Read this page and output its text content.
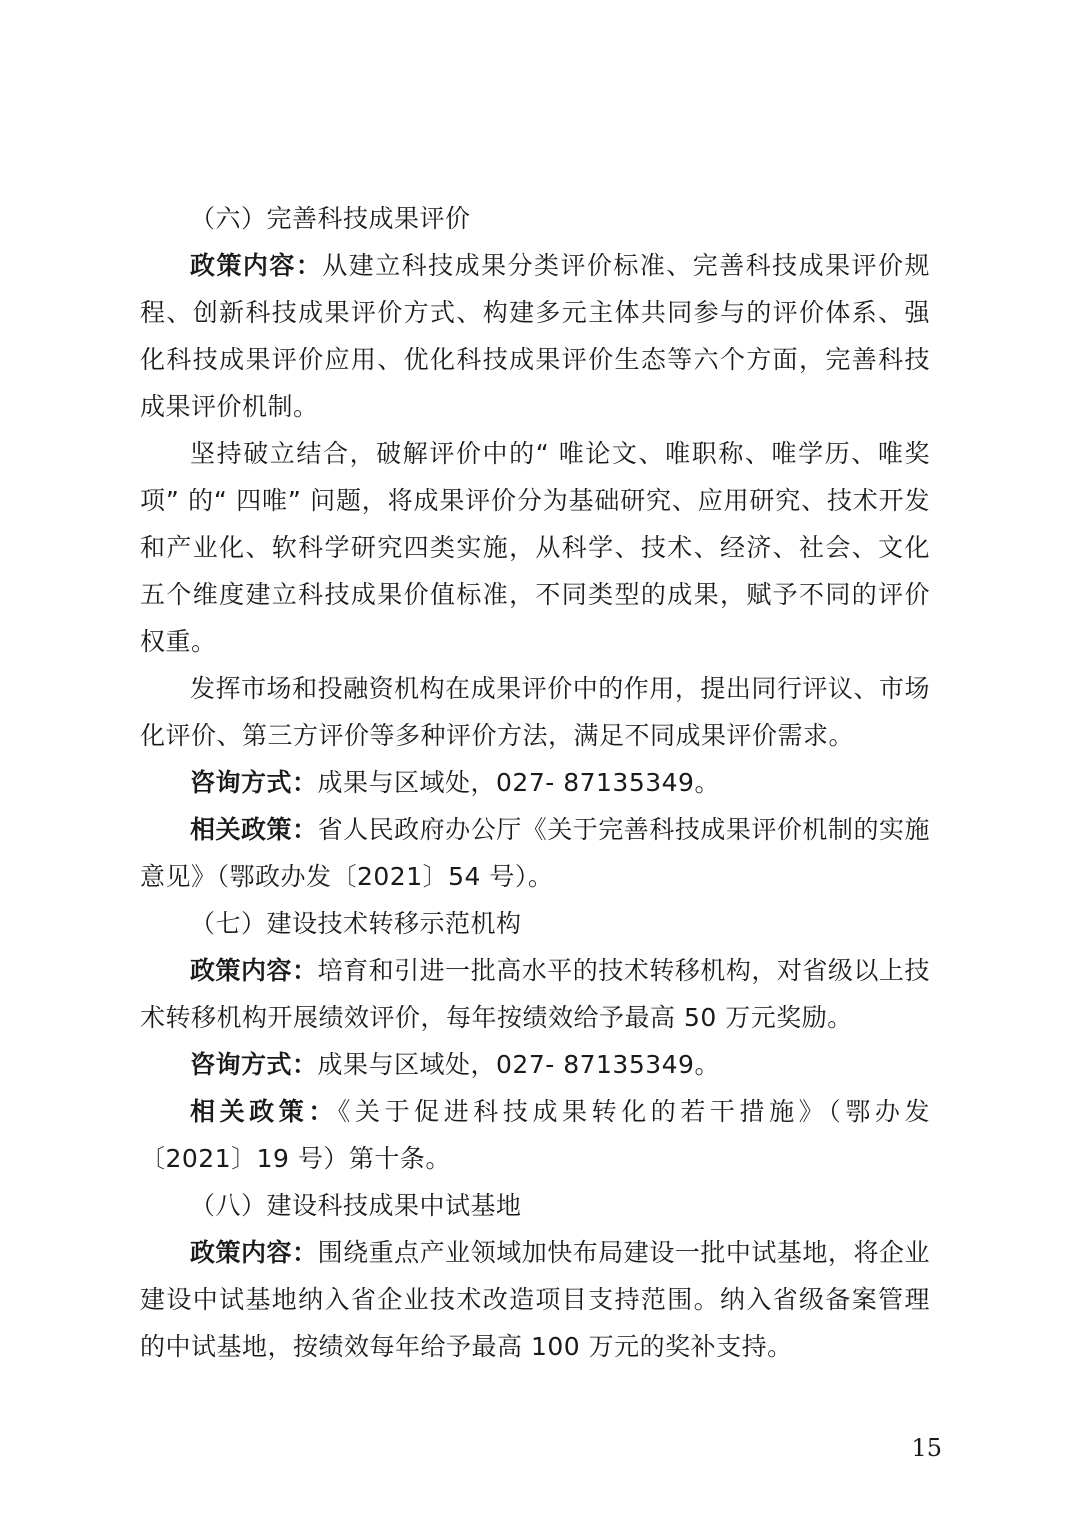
（六）完善科技成果评价

政策内容：从建立科技成果分类评价标准、完善科技成果评价规程、创新科技成果评价方式、构建多元主体共同参与的评价体系、强化科技成果评价应用、优化科技成果评价生态等六个方面，完善科技成果评价机制。

坚持破立结合，破解评价中的“ 唯论文、唯职称、唯学历、唯奖项” 的“ 四唯” 问题，将成果评价分为基础研究、应用研究、技术开发和产业化、软科学研究四类实施，从科学、技术、经济、社会、文化五个维度建立科技成果价值标准，不同类型的成果，赋予不同的评价权重。

发挥市场和投融资机构在成果评价中的作用，提出同行评议、市场化评价、第三方评价等多种评价方法，满足不同成果评价需求。

咨询方式：成果与区域处，027- 87135349。

相关政策：省人民政府办公厅《关于完善科技成果评价机制的实施意见》（鄂政办发〔2021〕54 号）。

（七）建设技术转移示范机构

政策内容：培育和引进一批高水平的技术转移机构，对省级以上技术转移机构开展绩效评价，每年按绩效给予最高 50 万元奖励。

咨询方式：成果与区域处，027- 87135349。

相关政策：《关于促进科技成果转化的若干措施》（鄂办发〔2021〕19 号）第十条。

（八）建设科技成果中试基地

政策内容：围绕重点产业领域加快布局建设一批中试基地，将企业建设中试基地纳入省企业技术改造项目支持范围。纳入省级备案管理的中试基地，按绩效每年给予最高 100 万元的奖补支持。

15
